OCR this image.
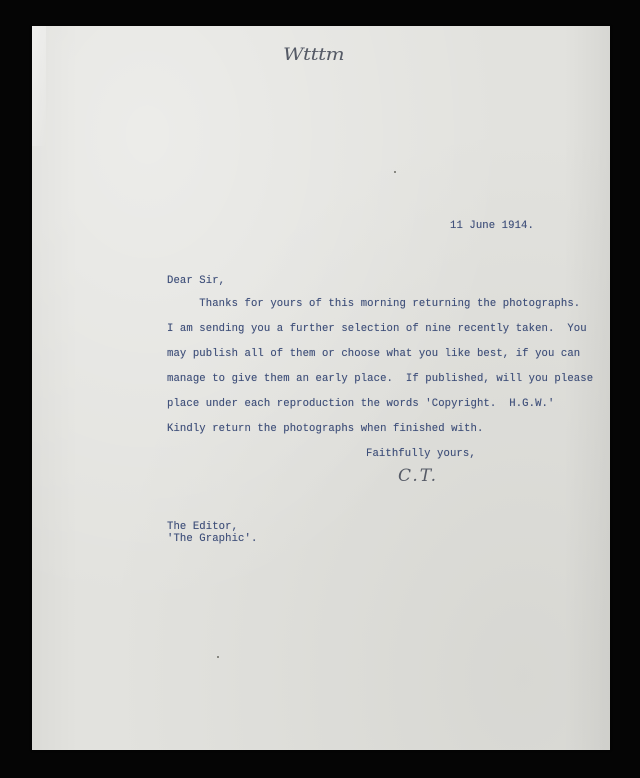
Wtttm
11 June 1914.
Dear Sir,
Thanks for yours of this morning returning the photographs.
I am sending you a further selection of nine recently taken.  You
may publish all of them or choose what you like best, if you can
manage to give them an early place.  If published, will you please
place under each reproduction the words 'Copyright.  H.G.W.'
Kindly return the photographs when finished with.
Faithfully yours,
C.T.
The Editor,
'The Graphic'.
